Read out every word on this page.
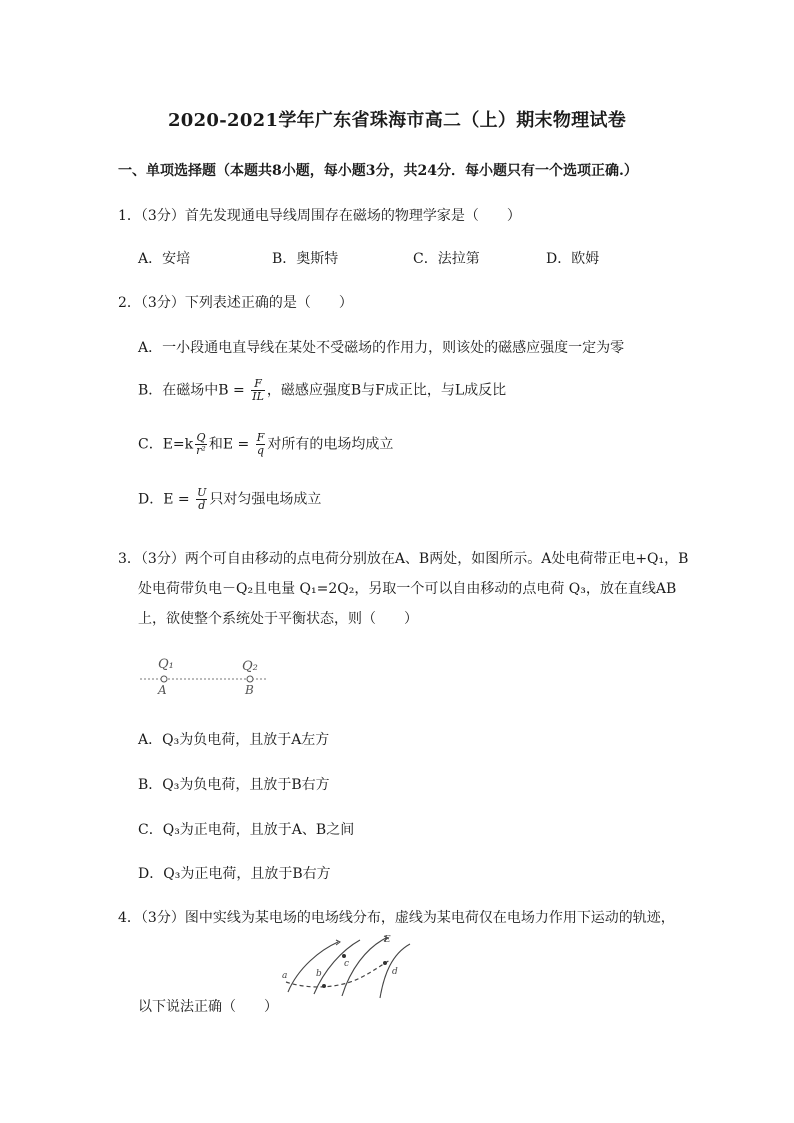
2020-2021学年广东省珠海市高二（上）期末物理试卷
一、单项选择题（本题共8小题，每小题3分，共24分．每小题只有一个选项正确.）
1．（3分）首先发现通电导线周围存在磁场的物理学家是（　　）
A．安培	B．奥斯特	C．法拉第	D．欧姆
2．（3分）下列表述正确的是（　　）
A．一小段通电直导线在某处不受磁场的作用力，则该处的磁感应强度一定为零
B．在磁场中$B = \frac{F}{IL}$ ，磁感应强度B与F成正比，与L成反比
C．$E=k \frac{Q}{\text{r²}}$ 和$E = \frac{F}{q}$ 对所有的电场均成立
D．$E = \frac{U}{d}$ 只对匀强电场成立
3．（3分）两个可自由移动的点电荷分别放在A、B两处，如图所示。A处电荷带正电+Q₁，B
处电荷带负电－Q₂且电量 Q₁=2Q₂，另取一个可以自由移动的点电荷 Q₃，放在直线AB
上，欲使整个系统处于平衡状态，则（　　）
Q₁	Q₂
A	B
A．Q₃为负电荷，且放于A左方
B．Q₃为负电荷，且放于B右方
C．Q₃为正电荷，且放于A、B之间
D．Q₃为正电荷，且放于B右方
4．（3分）图中实线为某电场的电场线分布，虚线为某电荷仅在电场力作用下运动的轨迹，
a	b
c
d
E
以下说法正确（　　）
